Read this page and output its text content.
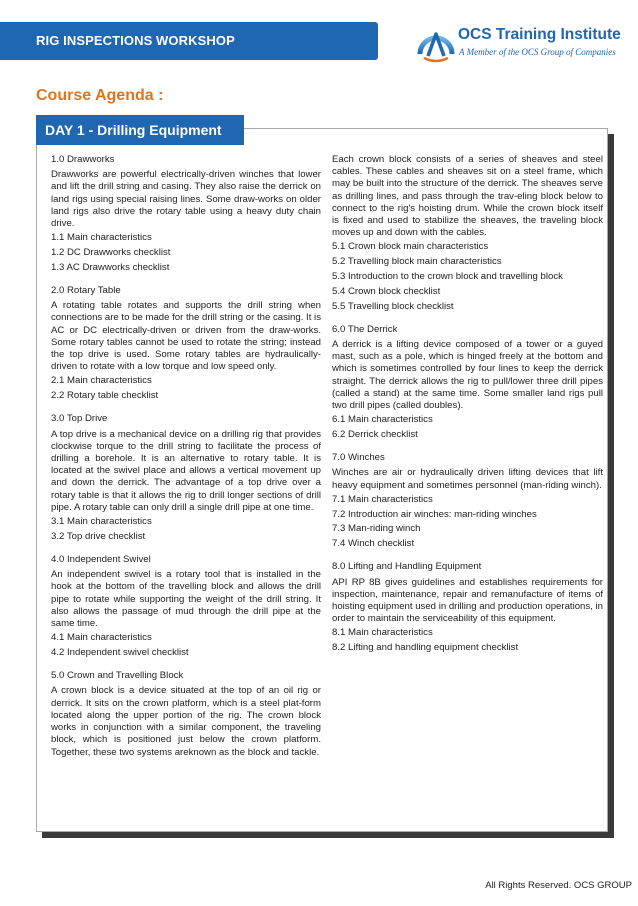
RIG INSPECTIONS WORKSHOP	OCS Training Institute
A Member of the OCS Group of Companies
Course Agenda :
DAY 1 - Drilling Equipment
1.0 Drawworks
Drawworks are powerful electrically-driven winches that lower and lift the drill string and casing. They also raise the derrick on land rigs using special raising lines. Some draw-works on older land rigs also drive the rotary table using a heavy duty chain drive.
1.1 Main characteristics
1.2 DC Drawworks checklist
1.3 AC Drawworks checklist
2.0 Rotary Table
A rotating table rotates and supports the drill string when connections are to be made for the drill string or the casing. It is AC or DC electrically-driven or driven from the draw-works. Some rotary tables cannot be used to rotate the string; instead the top drive is used. Some rotary tables are hydraulically-driven to rotate with a low torque and low speed only.
2.1 Main characteristics
2.2 Rotary table checklist
3.0 Top Drive
A top drive is a mechanical device on a drilling rig that provides clockwise torque to the drill string to facilitate the process of drilling a borehole. It is an alternative to rotary table. It is located at the swivel place and allows a vertical movement up and down the derrick. The advantage of a top drive over a rotary table is that it allows the rig to drill longer sections of drill pipe. A rotary table can only drill a single drill pipe at one time.
3.1 Main characteristics
3.2 Top drive checklist
4.0 Independent Swivel
An independent swivel is a rotary tool that is installed in the hook at the bottom of the travelling block and allows the drill pipe to rotate while supporting the weight of the drill string. It also allows the passage of mud through the drill pipe at the same time.
4.1 Main characteristics
4.2 Independent swivel checklist
5.0 Crown and Travelling Block
A crown block is a device situated at the top of an oil rig or derrick. It sits on the crown platform, which is a steel plat-form located along the upper portion of the rig. The crown block works in conjunction with a similar component, the traveling block, which is positioned just below the crown platform. Together, these two systems areknown as the block and tackle.
Each crown block consists of a series of sheaves and steel cables. These cables and sheaves sit on a steel frame, which may be built into the structure of the derrick. The sheaves serve as drilling lines, and pass through the trav-eling block below to connect to the rig's hoisting drum. While the crown block itself is fixed and used to stabilize the sheaves, the traveling block moves up and down with the cables.
5.1 Crown block main characteristics
5.2 Travelling block main characteristics
5.3 Introduction to the crown block and travelling block
5.4 Crown block checklist
5.5 Travelling block checklist
6.0 The Derrick
A derrick is a lifting device composed of a tower or a guyed mast, such as a pole, which is hinged freely at the bottom and which is sometimes controlled by four lines to keep the derrick straight. The derrick allows the rig to pull/lower three drill pipes (called a stand) at the same time. Some smaller land rigs pull two drill pipes (called doubles).
6.1 Main characteristics
6.2 Derrick checklist
7.0 Winches
Winches are air or hydraulically driven lifting devices that lift heavy equipment and sometimes personnel (man-riding winch).
7.1 Main characteristics
7.2 Introduction air winches: man-riding winches
7.3 Man-riding winch
7.4 Winch checklist
8.0 Lifting and Handling Equipment
API RP 8B gives guidelines and establishes requirements for inspection, maintenance, repair and remanufacture of items of hoisting equipment used in drilling and production operations, in order to maintain the serviceability of this equipment.
8.1 Main characteristics
8.2 Lifting and handling equipment checklist
All Rights Reserved. OCS GROUP
